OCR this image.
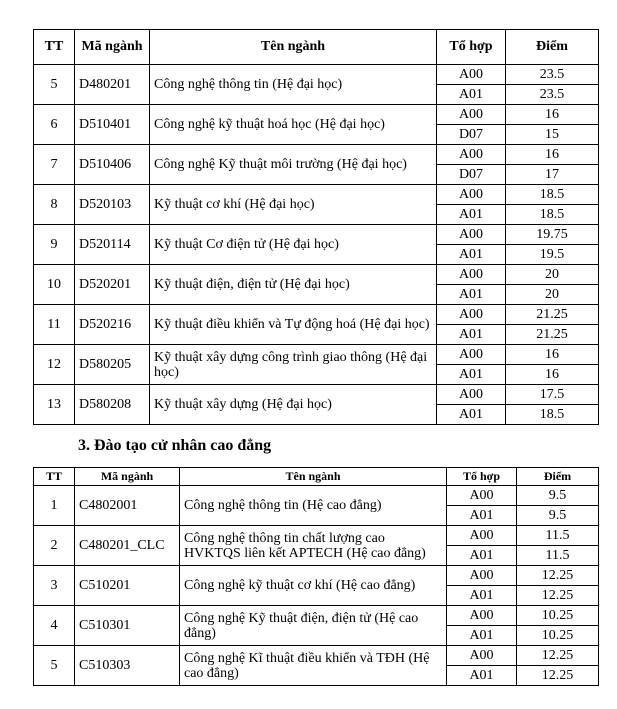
TT	Mã ngành	Tên ngành	Tổ hợp	Điểm
5	D480201	Công nghệ thông tin (Hệ đại học)	A00	23.5
			A01	23.5
6	D510401	Công nghệ kỹ thuật hoá học (Hệ đại học)	A00	16
			D07	15
7	D510406	Công nghệ Kỹ thuật môi trường (Hệ đại học)	A00	16
			D07	17
8	D520103	Kỹ thuật cơ khí (Hệ đại học)	A00	18.5
			A01	18.5
9	D520114	Kỹ thuật Cơ điện tử (Hệ đại học)	A00	19.75
			A01	19.5
10	D520201	Kỹ thuật điện, điện tử (Hệ đại học)	A00	20
			A01	20
11	D520216	Kỹ thuật điều khiển và Tự động hoá (Hệ đại học)	A00	21.25
			A01	21.25
12	D580205	Kỹ thuật xây dựng công trình giao thông (Hệ đại học)	A00	16
			A01	16
13	D580208	Kỹ thuật xây dựng (Hệ đại học)	A00	17.5
			A01	18.5
3. Đào tạo cử nhân cao đẳng
TT	Mã ngành	Tên ngành	Tổ hợp	Điểm
1	C4802001	Công nghệ thông tin (Hệ cao đẳng)	A00	9.5
			A01	9.5
2	C480201_CLC	Công nghệ thông tin chất lượng cao HVKTQS liên kết APTECH (Hệ cao đẳng)	A00	11.5
			A01	11.5
3	C510201	Công nghệ kỹ thuật cơ khí (Hệ cao đẳng)	A00	12.25
			A01	12.25
4	C510301	Công nghệ Kỹ thuật điện, điện tử (Hệ cao đẳng)	A00	10.25
			A01	10.25
5	C510303	Công nghệ Kĩ thuật điều khiển và TĐH (Hệ cao đẳng)	A00	12.25
			A01	12.25
